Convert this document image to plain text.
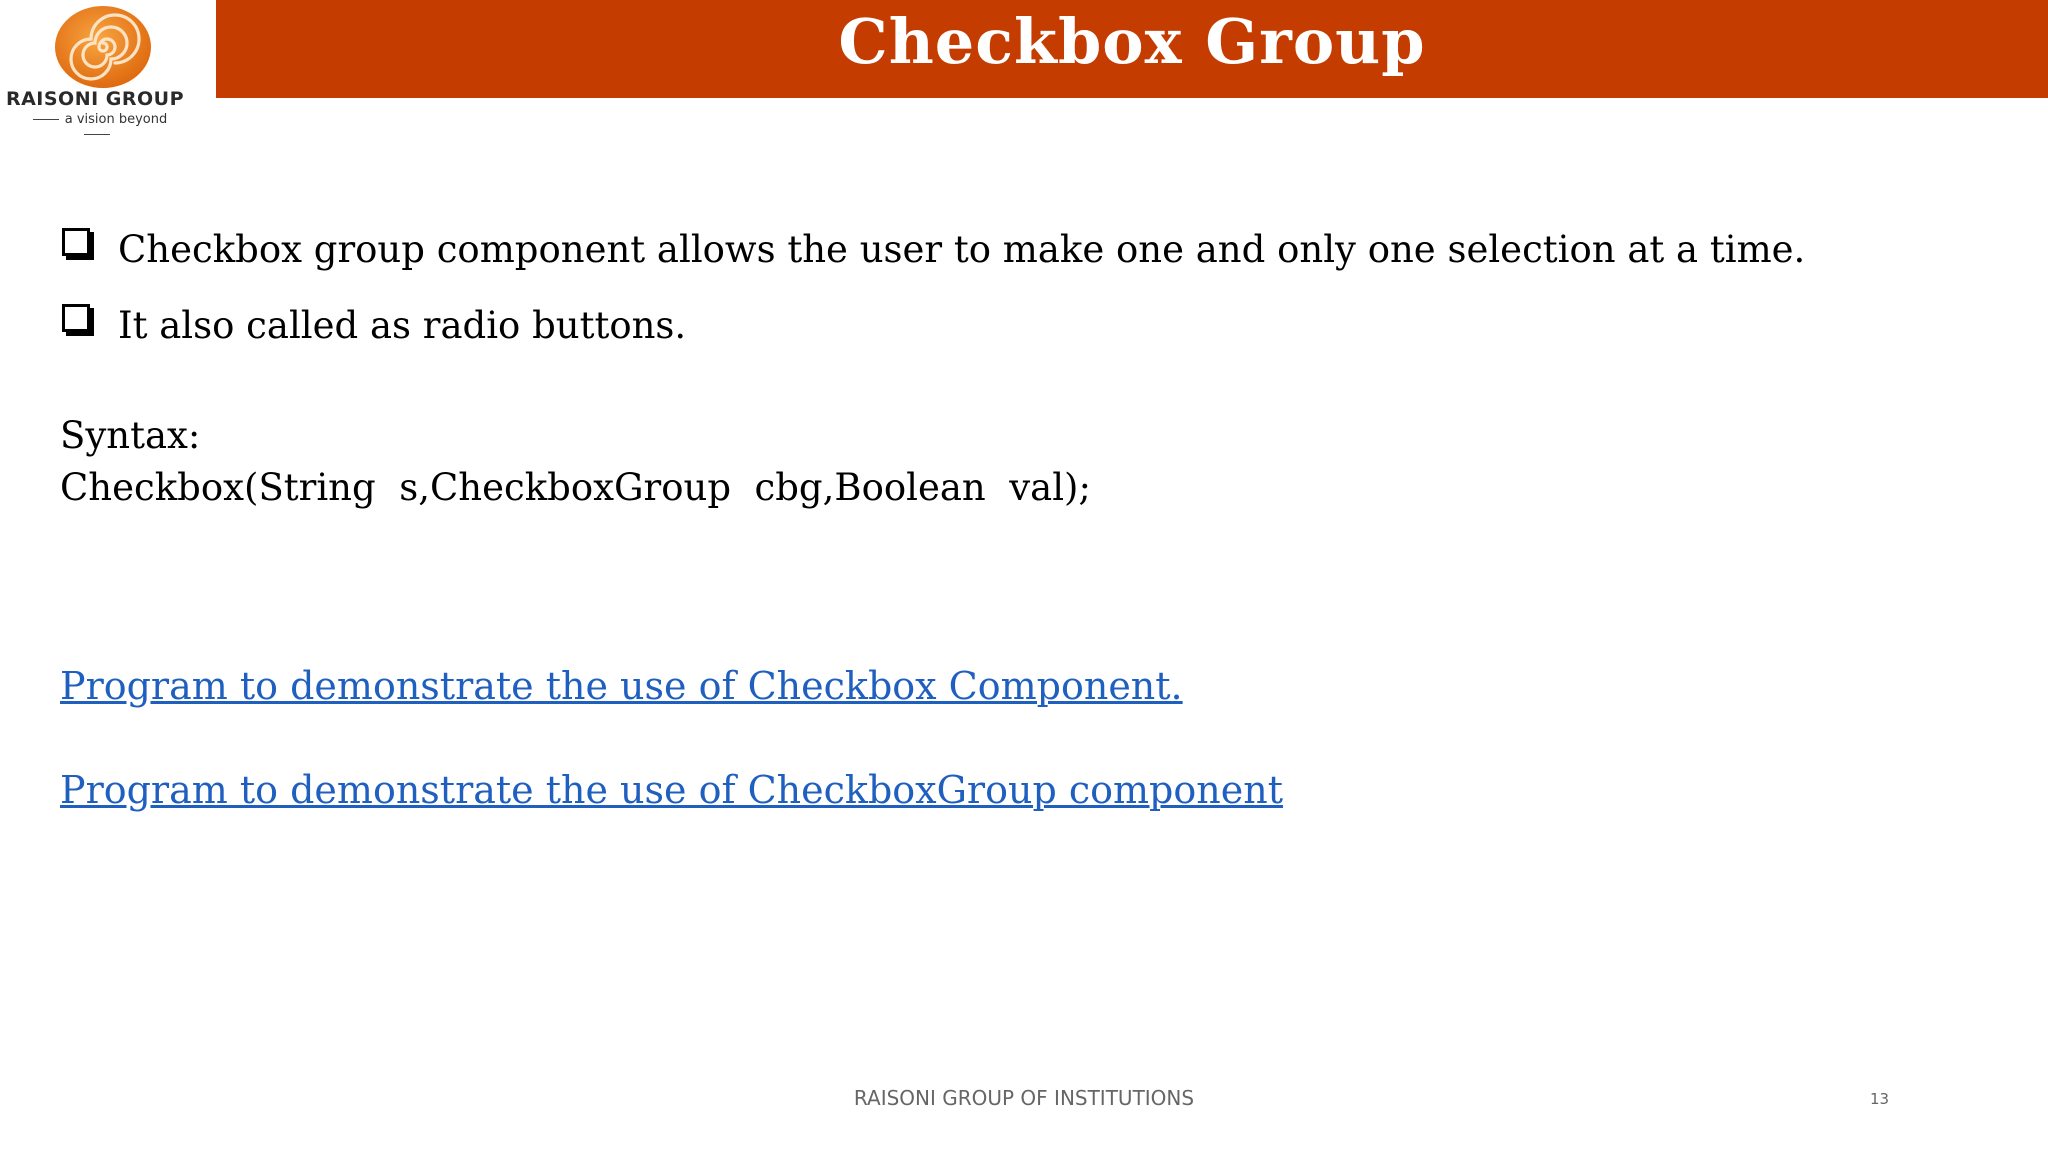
RAISONI GROUP
a vision beyond
Checkbox Group
Checkbox group component allows the user to make one and only one selection at a time.
It also called as radio buttons.
Syntax:
Checkbox(String  s,CheckboxGroup  cbg,Boolean  val);
Program to demonstrate the use of Checkbox Component.
Program to demonstrate the use of CheckboxGroup component
RAISONI GROUP OF INSTITUTIONS	13
